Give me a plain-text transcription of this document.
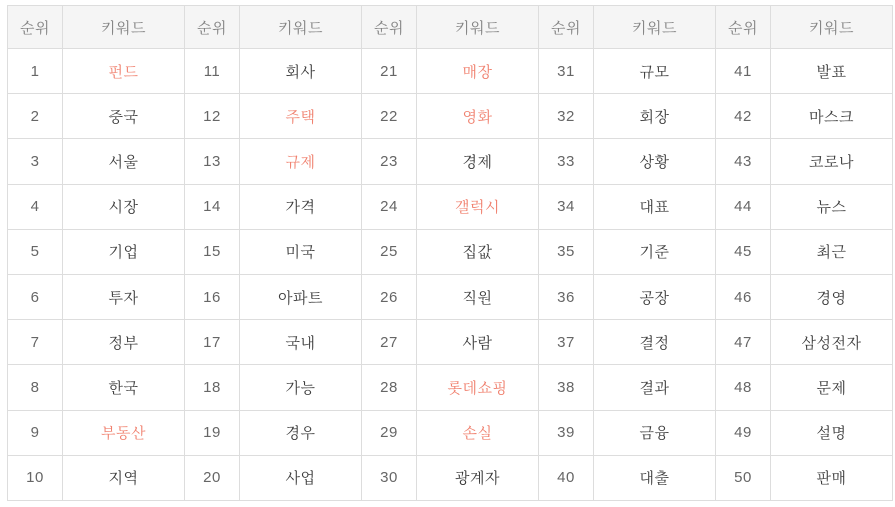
순위	키워드	순위	키워드	순위	키워드	순위	키워드	순위	키워드
1	펀드	11	회사	21	매장	31	규모	41	발표
2	중국	12	주택	22	영화	32	회장	42	마스크
3	서울	13	규제	23	경제	33	상황	43	코로나
4	시장	14	가격	24	갤럭시	34	대표	44	뉴스
5	기업	15	미국	25	집값	35	기준	45	최근
6	투자	16	아파트	26	직원	36	공장	46	경영
7	정부	17	국내	27	사람	37	결정	47	삼성전자
8	한국	18	가능	28	롯데쇼핑	38	결과	48	문제
9	부동산	19	경우	29	손실	39	금융	49	설명
10	지역	20	사업	30	광계자	40	대출	50	판매
